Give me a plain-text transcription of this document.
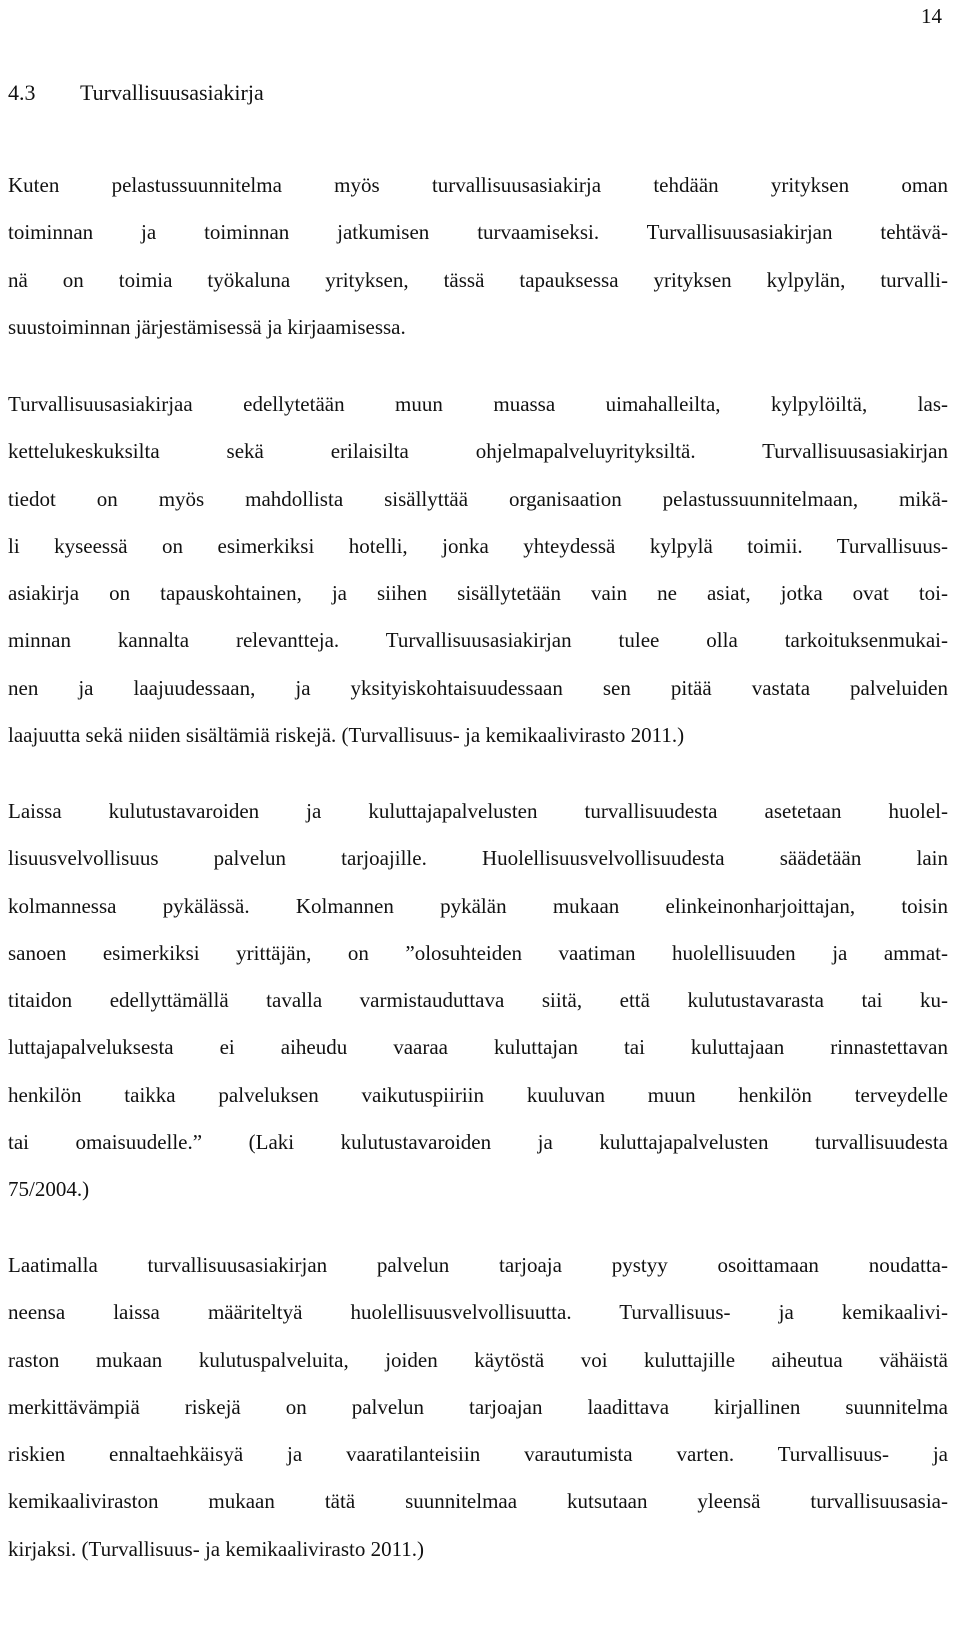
14
4.3 Turvallisuusasiakirja
Kuten pelastussuunnitelma myös turvallisuusasiakirja tehdään yrityksen oman
toiminnan ja toiminnan jatkumisen turvaamiseksi. Turvallisuusasiakirjan tehtävä-
nä on toimia työkaluna yrityksen, tässä tapauksessa yrityksen kylpylän, turvalli-
suustoiminnan järjestämisessä ja kirjaamisessa.
Turvallisuusasiakirjaa edellytetään muun muassa uimahalleilta, kylpylöiltä, las-
kettelukeskuksilta sekä erilaisilta ohjelmapalveluyrityksiltä. Turvallisuusasiakirjan
tiedot on myös mahdollista sisällyttää organisaation pelastussuunnitelmaan, mikä-
li kyseessä on esimerkiksi hotelli, jonka yhteydessä kylpylä toimii. Turvallisuus-
asiakirja on tapauskohtainen, ja siihen sisällytetään vain ne asiat, jotka ovat toi-
minnan kannalta relevantteja. Turvallisuusasiakirjan tulee olla tarkoituksenmukai-
nen ja laajuudessaan, ja yksityiskohtaisuudessaan sen pitää vastata palveluiden
laajuutta sekä niiden sisältämiä riskejä. (Turvallisuus- ja kemikaalivirasto 2011.)
Laissa kulutustavaroiden ja kuluttajapalvelusten turvallisuudesta asetetaan huolel-
lisuusvelvollisuus palvelun tarjoajille. Huolellisuusvelvollisuudesta säädetään lain
kolmannessa pykälässä. Kolmannen pykälän mukaan elinkeinonharjoittajan, toisin
sanoen esimerkiksi yrittäjän, on ”olosuhteiden vaatiman huolellisuuden ja ammat-
titaidon edellyttämällä tavalla varmistauduttava siitä, että kulutustavarasta tai ku-
luttajapalveluksesta ei aiheudu vaaraa kuluttajan tai kuluttajaan rinnastettavan
henkilön taikka palveluksen vaikutuspiiriin kuuluvan muun henkilön terveydelle
tai omaisuudelle.” (Laki kulutustavaroiden ja kuluttajapalvelusten turvallisuudesta
75/2004.)
Laatimalla turvallisuusasiakirjan palvelun tarjoaja pystyy osoittamaan noudatta-
neensa laissa määriteltyä huolellisuusvelvollisuutta. Turvallisuus- ja kemikaalivi-
raston mukaan kulutuspalveluita, joiden käytöstä voi kuluttajille aiheutua vähäistä
merkittävämpiä riskejä on palvelun tarjoajan laadittava kirjallinen suunnitelma
riskien ennaltaehkäisyä ja vaaratilanteisiin varautumista varten. Turvallisuus- ja
kemikaaliviraston mukaan tätä suunnitelmaa kutsutaan yleensä turvallisuusasia-
kirjaksi. (Turvallisuus- ja kemikaalivirasto 2011.)
